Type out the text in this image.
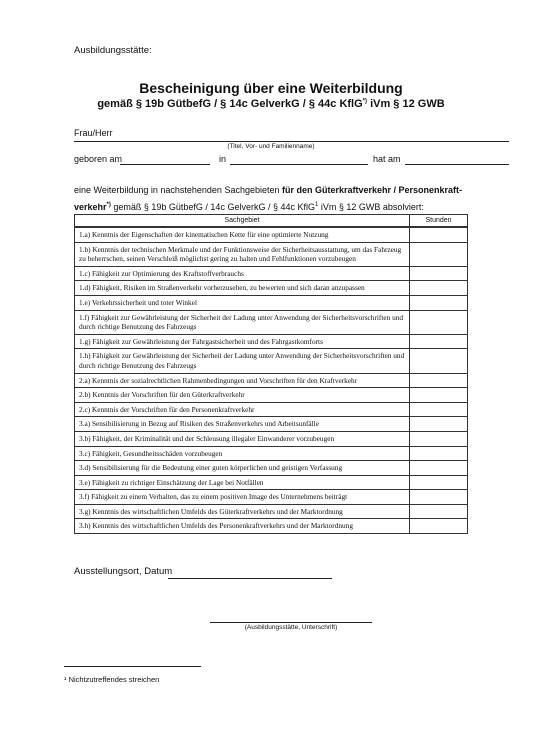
Ausbildungsstätte:
Bescheinigung über eine Weiterbildung
gemäß § 19b GütbefG / § 14c GelverkG / § 44c KflG*) iVm § 12 GWB
Frau/Herr
(Titel, Vor- und Familienname)
geboren am	in	hat am
eine Weiterbildung in nachstehenden Sachgebieten für den Güterkraftverkehr / Personenkraft-
verkehr*) gemäß § 19b GütbefG / 14c GelverkG / § 44c KflG$^1$ iVm § 12 GWB absolviert:
Sachgebiet	Stunden
1.a) Kenntnis der Eigenschaften der kinematischen Kette für eine optimierte Nutzung
1.b) Kenntnis der technischen Merkmale und der Funktionsweise der Sicherheitsausstattung, um das Fahrzeug zu beherrschen, seinen Verschleiß möglichst gering zu halten und Fehlfunktionen vorzubeugen
1.c) Fähigkeit zur Optimierung des Kraftstoffverbrauchs
1.d) Fähigkeit, Risiken im Straßenverkehr vorherzusehen, zu bewerten und sich daran anzupassen
1.e) Verkehrssicherheit und toter Winkel
1.f) Fähigkeit zur Gewährleistung der Sicherheit der Ladung unter Anwendung der Sicherheitsvorschriften und durch richtige Benutzung des Fahrzeugs
1.g) Fähigkeit zur Gewährleistung der Fahrgastsicherheit und des Fahrgastkomforts
1.h) Fähigkeit zur Gewährleistung der Sicherheit der Ladung unter Anwendung der Sicherheitsvorschriften und durch richtige Benutzung des Fahrzeugs
2.a) Kenntnis der sozialrechtlichen Rahmenbedingungen und Vorschriften für den Kraftverkehr
2.b) Kenntnis der Vorschriften für den Güterkraftverkehr
2.c) Kenntnis der Vorschriften für den Personenkraftverkehr
3.a) Sensibilisierung in Bezug auf Risiken des Straßenverkehrs und Arbeitsunfälle
3.b) Fähigkeit, der Kriminalität und der Schleusung illegaler Einwanderer vorzubeugen
3.c) Fähigkeit, Gesundheitsschäden vorzubeugen
3.d) Sensibilisierung für die Bedeutung einer guten körperlichen und geistigen Verfassung
3.e) Fähigkeit zu richtiger Einschätzung der Lage bei Notfällen
3.f) Fähigkeit zu einem Verhalten, das zu einem positiven Image des Unternehmens beiträgt
3.g) Kenntnis des wirtschaftlichen Umfelds des Güterkraftverkehrs und der Marktordnung
3.h) Kenntnis des wirtschaftlichen Umfelds des Personenkraftverkehrs und der Marktordnung
Ausstellungsort, Datum
(Ausbildungsstätte, Unterschrift)
¹ Nichtzutreffendes streichen
